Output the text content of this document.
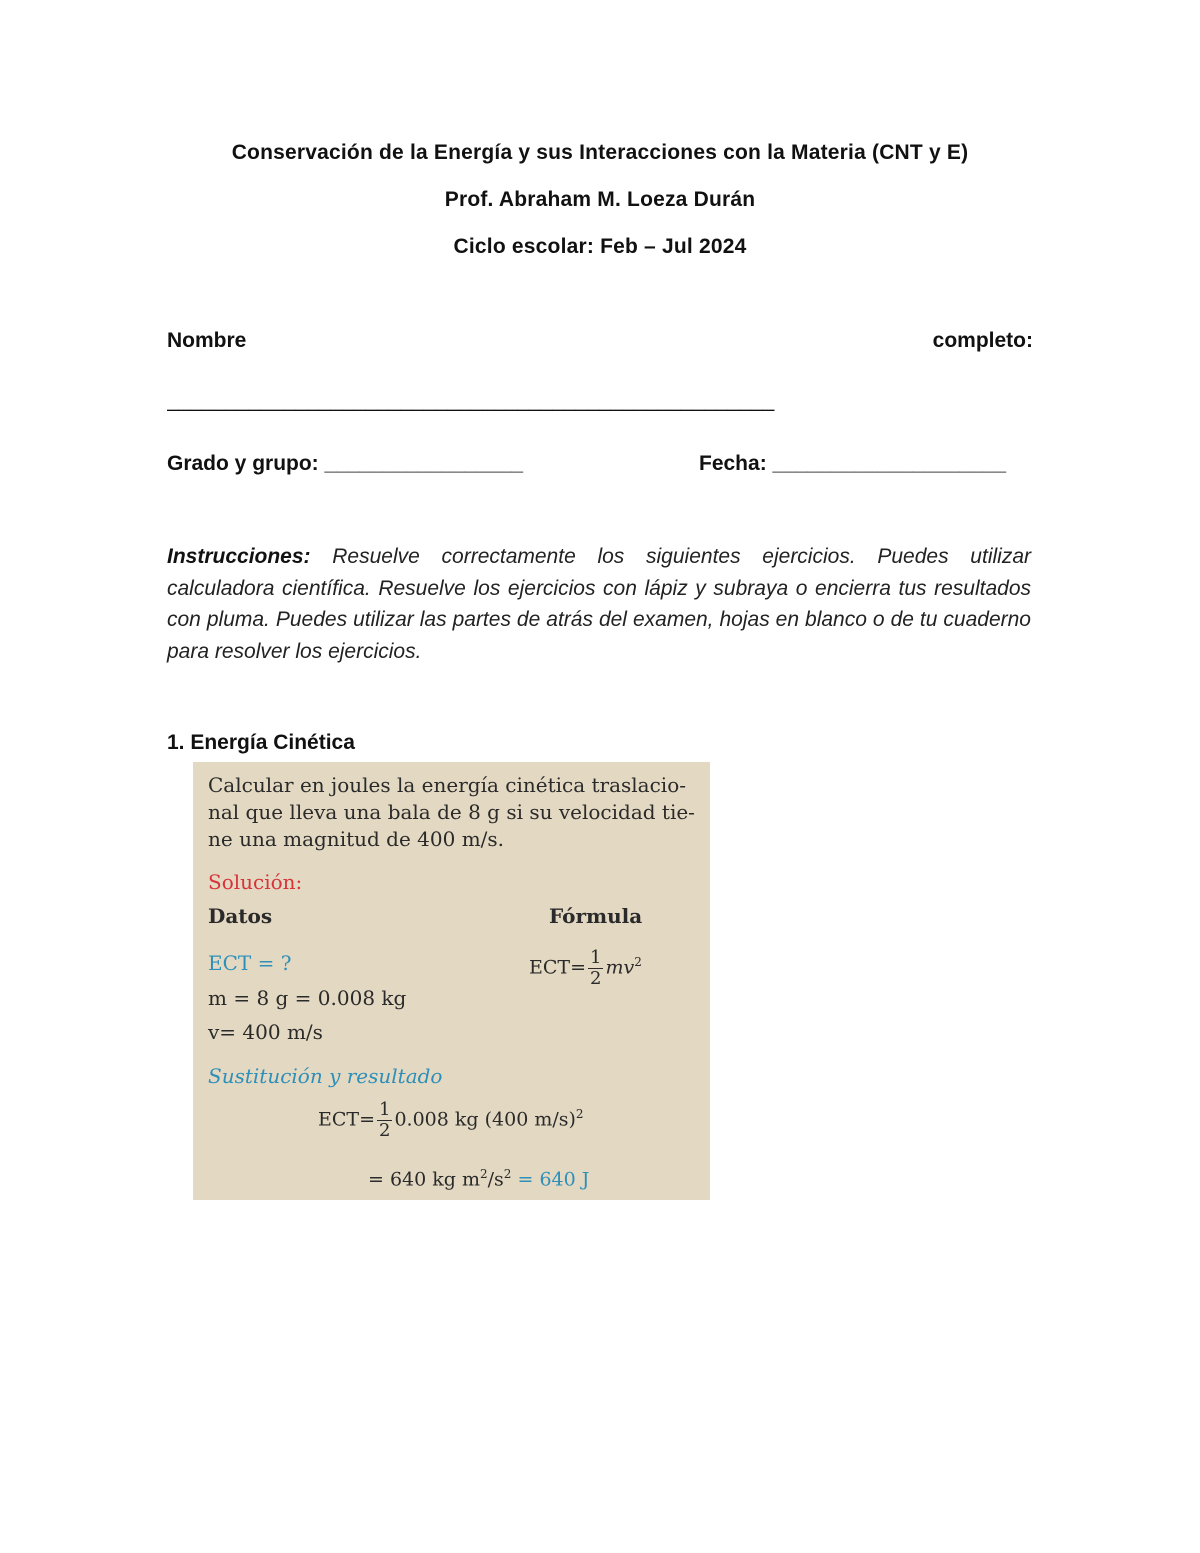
Conservación de la Energía y sus Interacciones con la Materia (CNT y E)
Prof. Abraham M. Loeza Durán
Ciclo escolar: Feb – Jul 2024
Nombre	completo:
____________________________________________________
Grado y grupo: _________________	Fecha: ____________________
Instrucciones: Resuelve correctamente los siguientes ejercicios. Puedes utilizar calculadora científica. Resuelve los ejercicios con lápiz y subraya o encierra tus resultados con pluma. Puedes utilizar las partes de atrás del examen, hojas en blanco o de tu cuaderno para resolver los ejercicios.
1. Energía Cinética
Calcular en joules la energía cinética traslacio-nal que lleva una bala de 8 g si su velocidad tie-ne una magnitud de 400 m/s.
Solución:
Datos	Fórmula
ECT = ?
m = 8 g = 0.008 kg
v= 400 m/s
$ECT= \frac{1}{2} mv^2$
Sustitución y resultado
$ECT= \frac{1}{2} 0.008$ kg (400 m/s)$^2$
= 640 kg $m^2/s^2 = 640$ J
